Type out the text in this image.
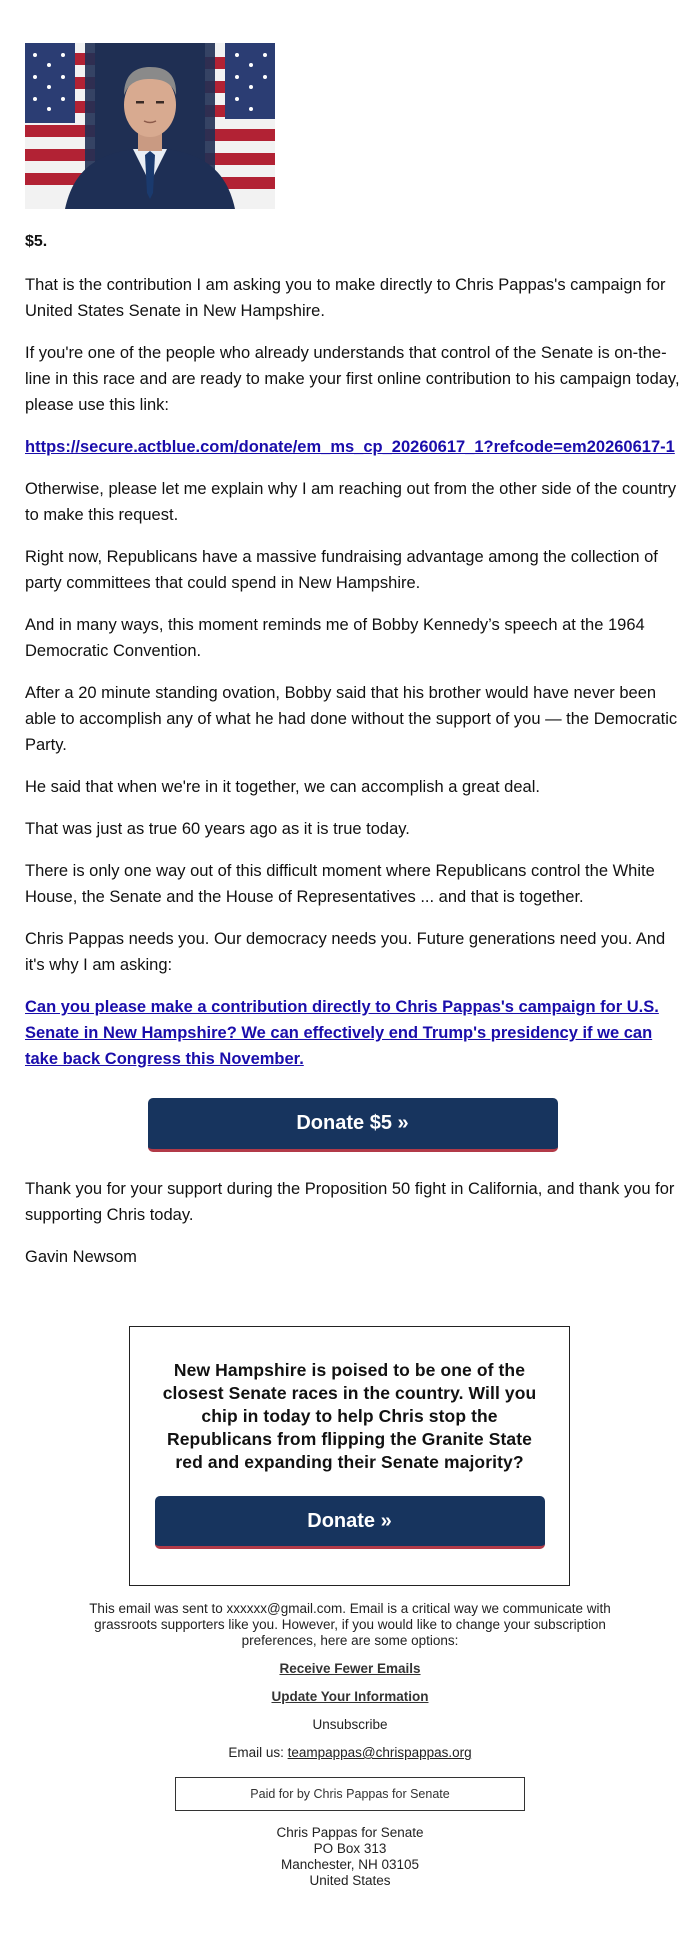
$5.

That is the contribution I am asking you to make directly to Chris Pappas's campaign for United States Senate in New Hampshire.

If you're one of the people who already understands that control of the Senate is on-the-line in this race and are ready to make your first online contribution to his campaign today, please use this link:

https://secure.actblue.com/donate/em_ms_cp_20260617_1?refcode=em20260617-1

Otherwise, please let me explain why I am reaching out from the other side of the country to make this request.

Right now, Republicans have a massive fundraising advantage among the collection of party committees that could spend in New Hampshire.

And in many ways, this moment reminds me of Bobby Kennedy’s speech at the 1964 Democratic Convention.

After a 20 minute standing ovation, Bobby said that his brother would have never been able to accomplish any of what he had done without the support of you — the Democratic Party.

He said that when we're in it together, we can accomplish a great deal.

That was just as true 60 years ago as it is true today.

There is only one way out of this difficult moment where Republicans control the White House, the Senate and the House of Representatives ... and that is together.

Chris Pappas needs you. Our democracy needs you. Future generations need you. And it's why I am asking:

Can you please make a contribution directly to Chris Pappas's campaign for U.S. Senate in New Hampshire? We can effectively end Trump's presidency if we can take back Congress this November.

Donate $5 »

Thank you for your support during the Proposition 50 fight in California, and thank you for supporting Chris today.

Gavin Newsom

New Hampshire is poised to be one of the closest Senate races in the country. Will you chip in today to help Chris stop the Republicans from flipping the Granite State red and expanding their Senate majority?
Donate »
This email was sent to xxxxxx@gmail.com. Email is a critical way we communicate with grassroots supporters like you. However, if you would like to change your subscription preferences, here are some options:
Receive Fewer Emails
Update Your Information
Unsubscribe
Email us: teampappas@chrispappas.org
Paid for by Chris Pappas for Senate
Chris Pappas for Senate
PO Box 313
Manchester, NH 03105
United States
